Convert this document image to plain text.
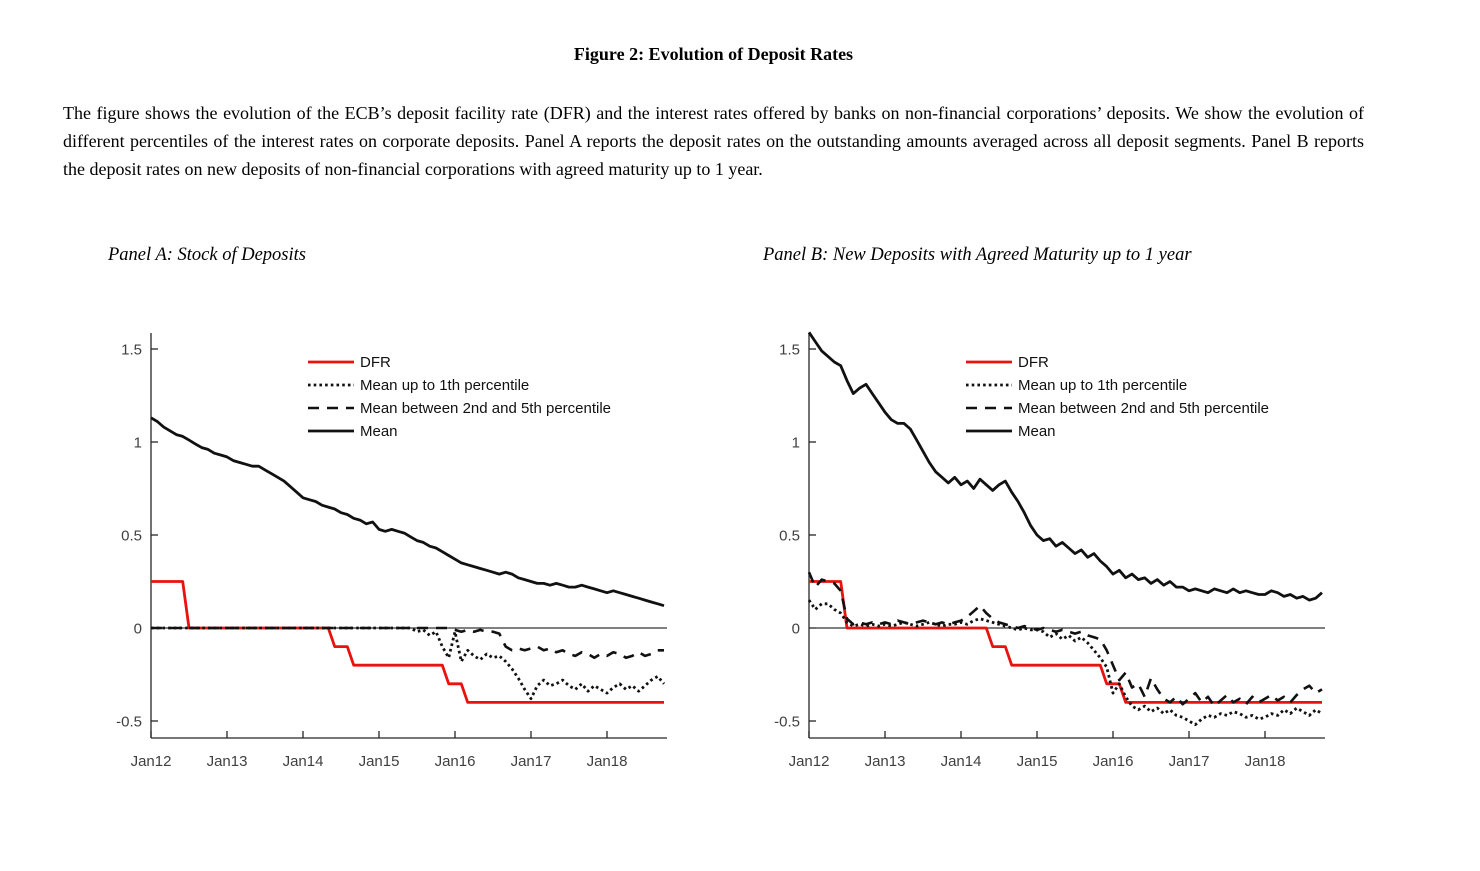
Figure 2: Evolution of Deposit Rates
The figure shows the evolution of the ECB’s deposit facility rate (DFR) and the interest rates offered by banks on non-financial corporations’ deposits. We show the evolution of different percentiles of the interest rates on corporate deposits. Panel A reports the deposit rates on the outstanding amounts averaged across all deposit segments. Panel B reports the deposit rates on new deposits of non-financial corporations with agreed maturity up to 1 year.
Panel A: Stock of Deposits	Panel B: New Deposits with Agreed Maturity up to 1 year
-0.5
0
0.5
1
1.5
Jan12 Jan13 Jan14 Jan15 Jan16 Jan17 Jan18
DFR
Mean up to 1th percentile
Mean between 2nd and 5th percentile
Mean
-0.5
0
0.5
1
1.5
Jan12 Jan13 Jan14 Jan15 Jan16 Jan17 Jan18
DFR
Mean up to 1th percentile
Mean between 2nd and 5th percentile
Mean
